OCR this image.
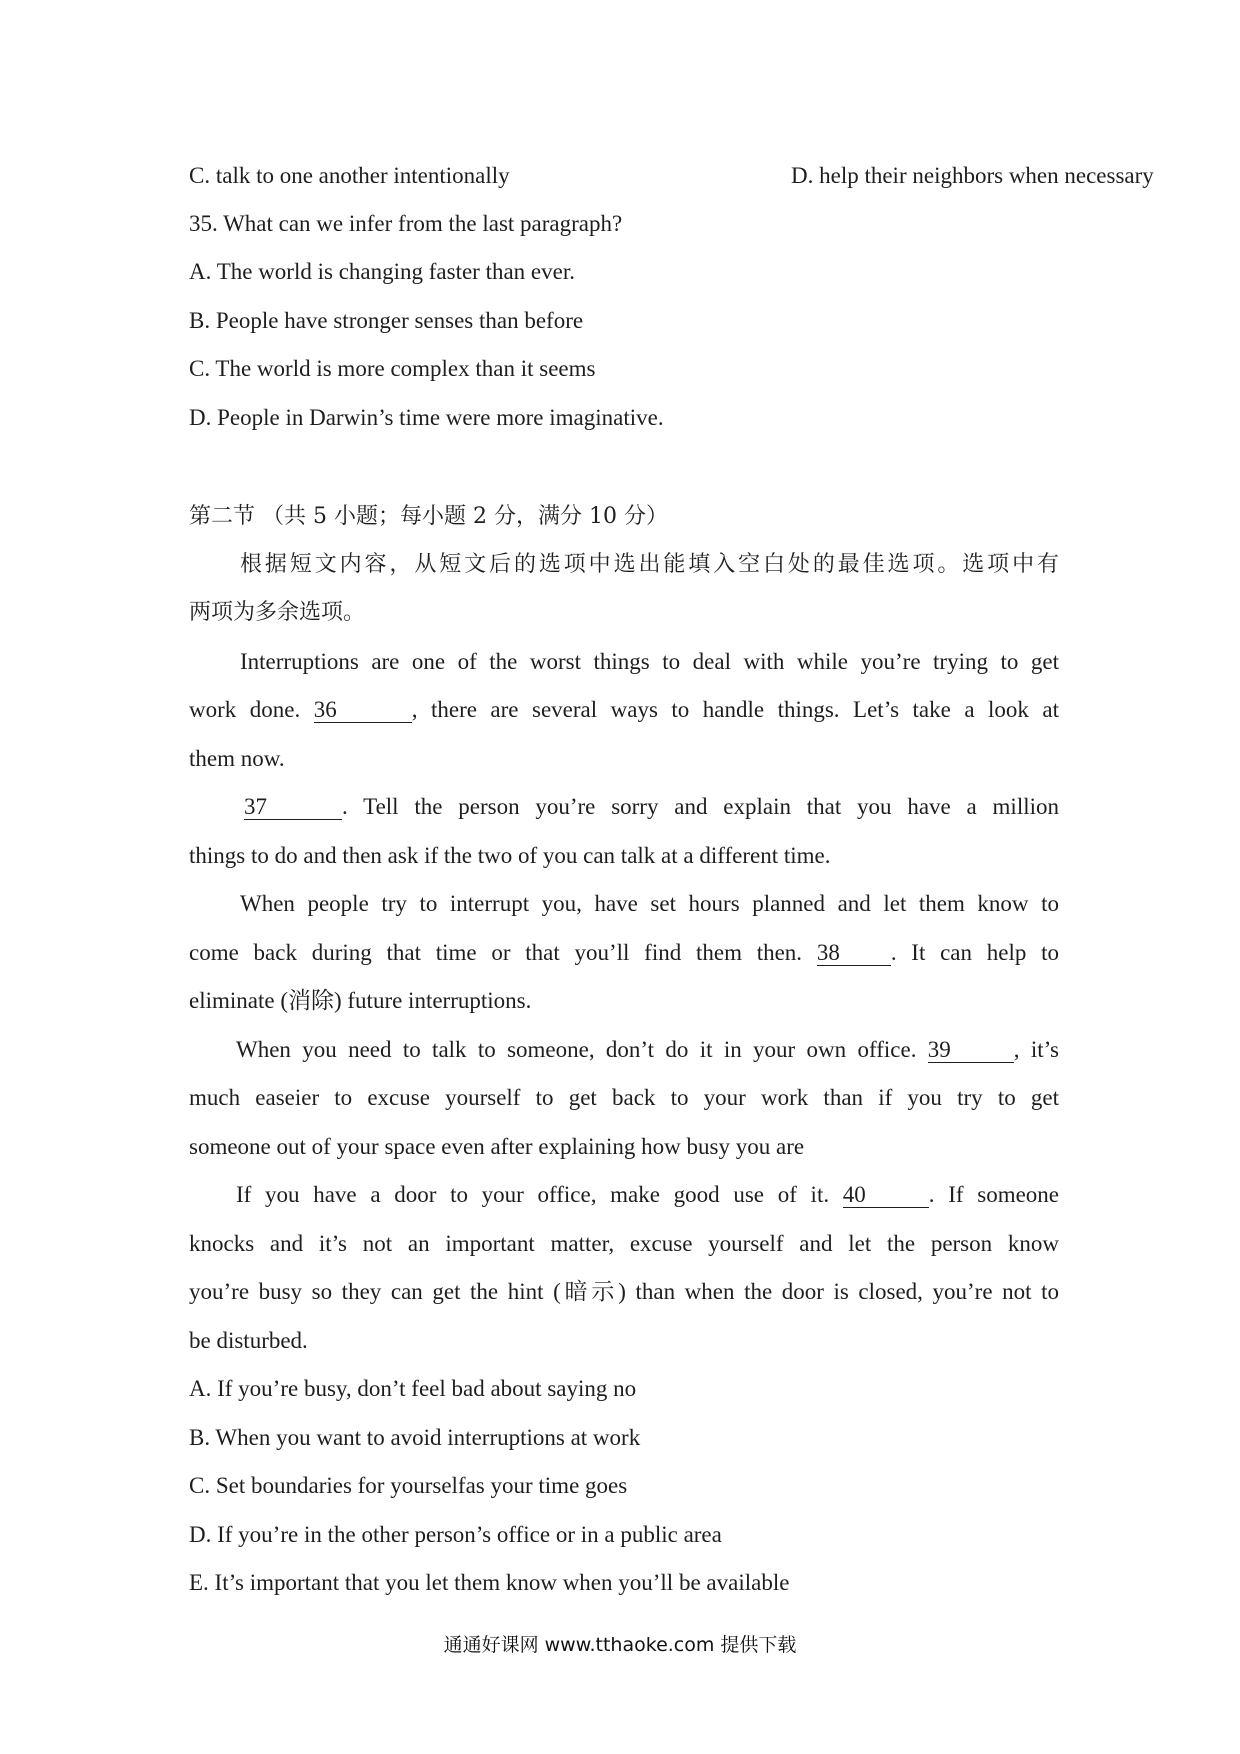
C. talk to one another intentionally	D. help their neighbors when necessary
35. What can we infer from the last paragraph?
A. The world is changing faster than ever.
B. People have stronger senses than before
C. The world is more complex than it seems
D. People in Darwin’s time were more imaginative.
第二节 （共 5 小题；每小题 2 分，满分 10 分）
根据短文内容，从短文后的选项中选出能填入空白处的最佳选项。选项中有
两项为多余选项。
Interruptions are one of the worst things to deal with while you’re trying to get
work done. 36	, there are several ways to handle things. Let’s take a look at
them now.
37	. Tell the person you’re sorry and explain that you have a million
things to do and then ask if the two of you can talk at a different time.
When people try to interrupt you, have set hours planned and let them know to
come back during that time or that you’ll find them then. 38 . It can help to
eliminate (消除) future interruptions.
When you need to talk to someone, don’t do it in your own office. 39	, it’s
much easeier to excuse yourself to get back to your work than if you try to get
someone out of your space even after explaining how busy you are
If you have a door to your office, make good use of it. 40	. If someone
knocks and it’s not an important matter, excuse yourself and let the person know
you’re busy so they can get the hint (暗示) than when the door is closed, you’re not to
be disturbed.
A. If you’re busy, don’t feel bad about saying no
B. When you want to avoid interruptions at work
C. Set boundaries for yourselfas your time goes
D. If you’re in the other person’s office or in a public area
E. It’s important that you let them know when you’ll be available
通通好课网 www.tthaoke.com 提供下载
